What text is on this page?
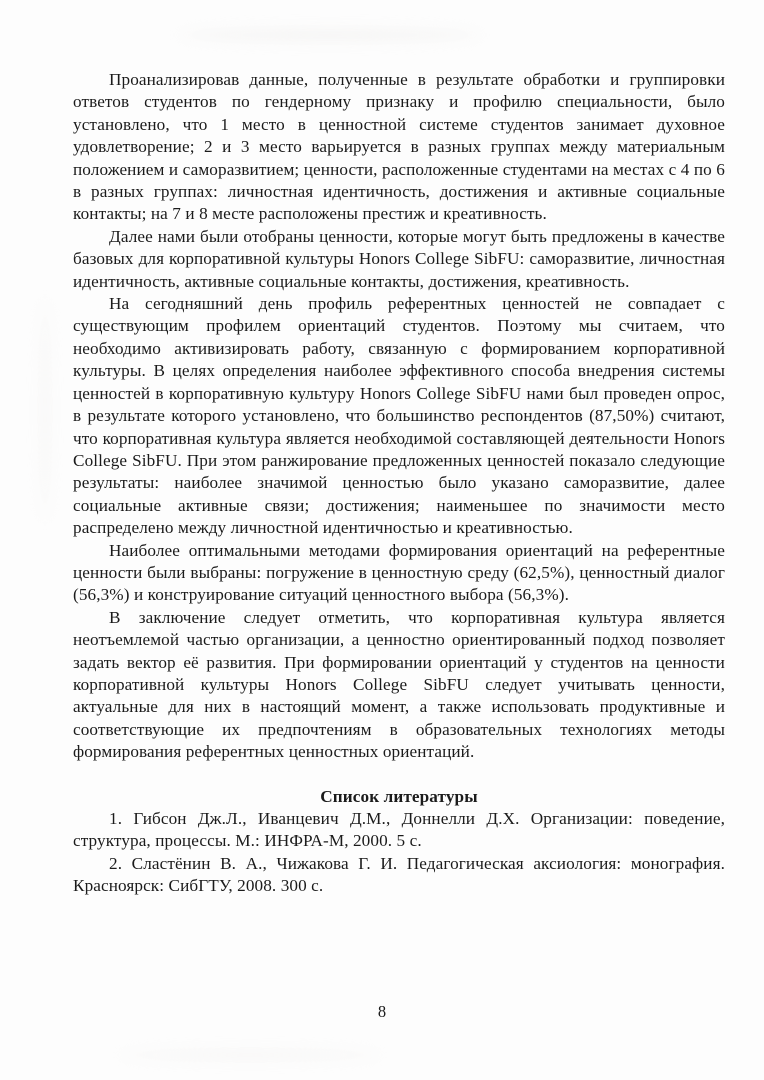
Проанализировав данные, полученные в результате обработки и группировки ответов студентов по гендерному признаку и профилю специальности, было установлено, что 1 место в ценностной системе студентов занимает духовное удовлетворение; 2 и 3 место варьируется в разных группах между материальным положением и саморазвитием; ценности, расположенные студентами на местах с 4 по 6 в разных группах: личностная идентичность, достижения и активные социальные контакты; на 7 и 8 месте расположены престиж и креативность.

Далее нами были отобраны ценности, которые могут быть предложены в качестве базовых для корпоративной культуры Honors College SibFU: саморазвитие, личностная идентичность, активные социальные контакты, достижения, креативность.

На сегодняшний день профиль референтных ценностей не совпадает с существующим профилем ориентаций студентов. Поэтому мы считаем, что необходимо активизировать работу, связанную с формированием корпоративной культуры. В целях определения наиболее эффективного способа внедрения системы ценностей в корпоративную культуру Honors College SibFU нами был проведен опрос, в результате которого установлено, что большинство респондентов (87,50%) считают, что корпоративная культура является необходимой составляющей деятельности Honors College SibFU. При этом ранжирование предложенных ценностей показало следующие результаты: наиболее значимой ценностью было указано саморазвитие, далее социальные активные связи; достижения; наименьшее по значимости место распределено между личностной идентичностью и креативностью.

Наиболее оптимальными методами формирования ориентаций на референтные ценности были выбраны: погружение в ценностную среду (62,5%), ценностный диалог (56,3%) и конструирование ситуаций ценностного выбора (56,3%).

В заключение следует отметить, что корпоративная культура является неотъемлемой частью организации, а ценностно ориентированный подход позволяет задать вектор её развития. При формировании ориентаций у студентов на ценности корпоративной культуры Honors College SibFU следует учитывать ценности, актуальные для них в настоящий момент, а также использовать продуктивные и соответствующие их предпочтениям в образовательных технологиях методы формирования референтных ценностных ориентаций.

Список литературы

1. Гибсон Дж.Л., Иванцевич Д.М., Доннелли Д.Х. Организации: поведение, структура, процессы. М.: ИНФРА-М, 2000. 5 с.

2. Сластёнин В. А., Чижакова Г. И. Педагогическая аксиология: монография. Красноярск: СибГТУ, 2008. 300 с.

8
